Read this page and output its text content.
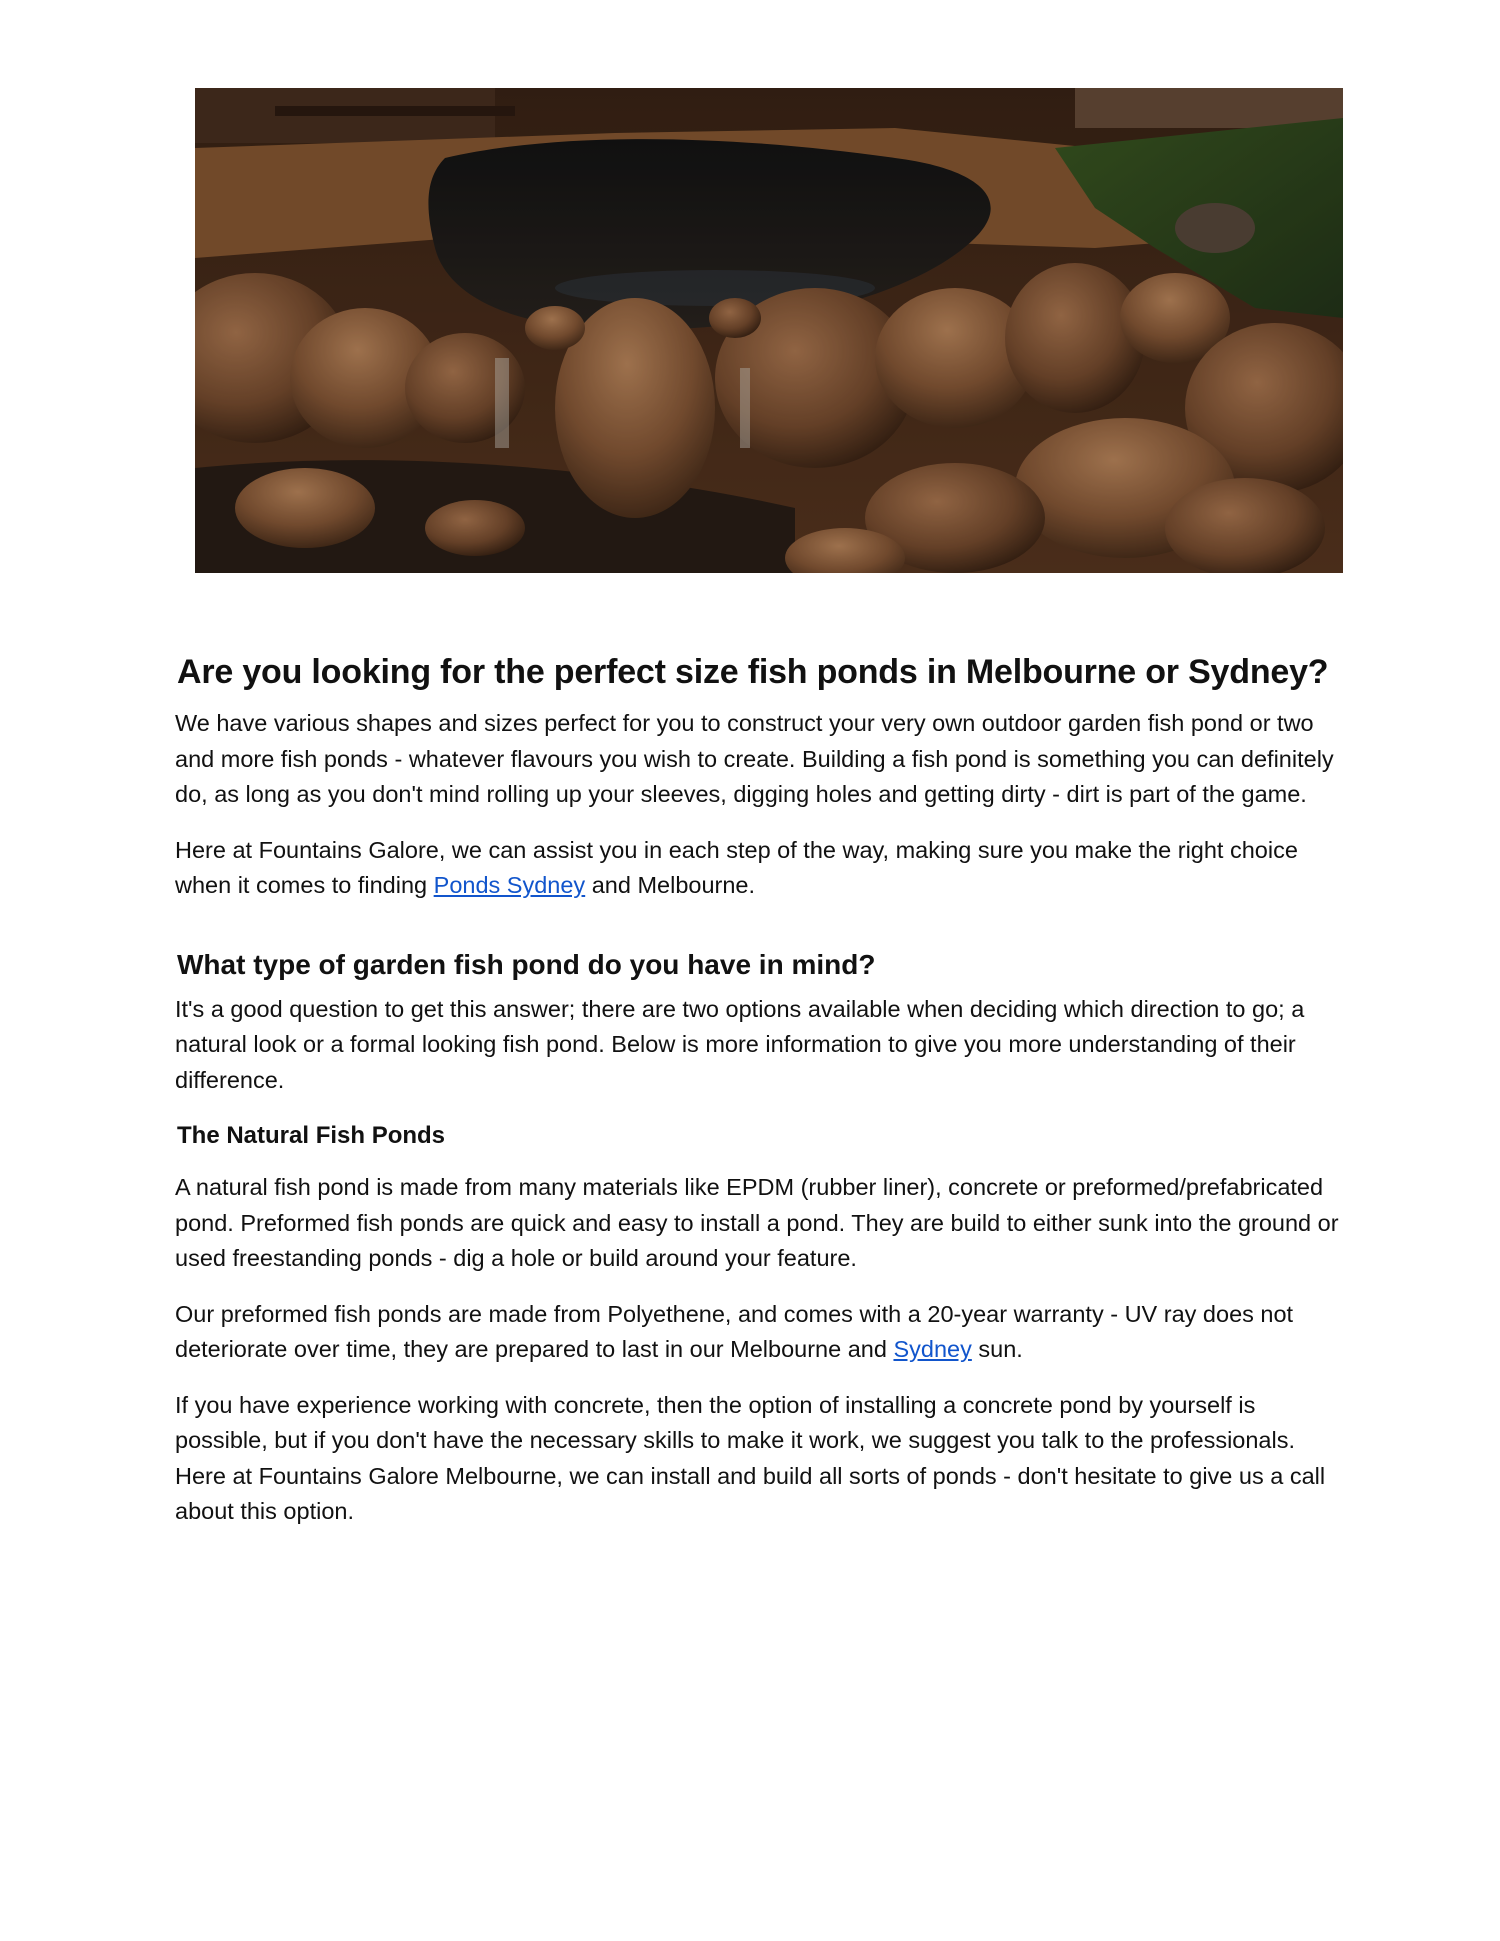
Are you looking for the perfect size fish ponds in Melbourne or Sydney?

We have various shapes and sizes perfect for you to construct your very own outdoor garden fish pond or two and more fish ponds - whatever flavours you wish to create. Building a fish pond is something you can definitely do, as long as you don't mind rolling up your sleeves, digging holes and getting dirty - dirt is part of the game.

Here at Fountains Galore, we can assist you in each step of the way, making sure you make the right choice when it comes to finding Ponds Sydney and Melbourne.

What type of garden fish pond do you have in mind?

It's a good question to get this answer; there are two options available when deciding which direction to go; a natural look or a formal looking fish pond. Below is more information to give you more understanding of their difference.

The Natural Fish Ponds

A natural fish pond is made from many materials like EPDM (rubber liner), concrete or preformed/prefabricated pond. Preformed fish ponds are quick and easy to install a pond. They are build to either sunk into the ground or used freestanding ponds - dig a hole or build around your feature.

Our preformed fish ponds are made from Polyethene, and comes with a 20-year warranty - UV ray does not deteriorate over time, they are prepared to last in our Melbourne and Sydney sun.

If you have experience working with concrete, then the option of installing a concrete pond by yourself is possible, but if you don't have the necessary skills to make it work, we suggest you talk to the professionals. Here at Fountains Galore Melbourne, we can install and build all sorts of ponds - don't hesitate to give us a call about this option.
